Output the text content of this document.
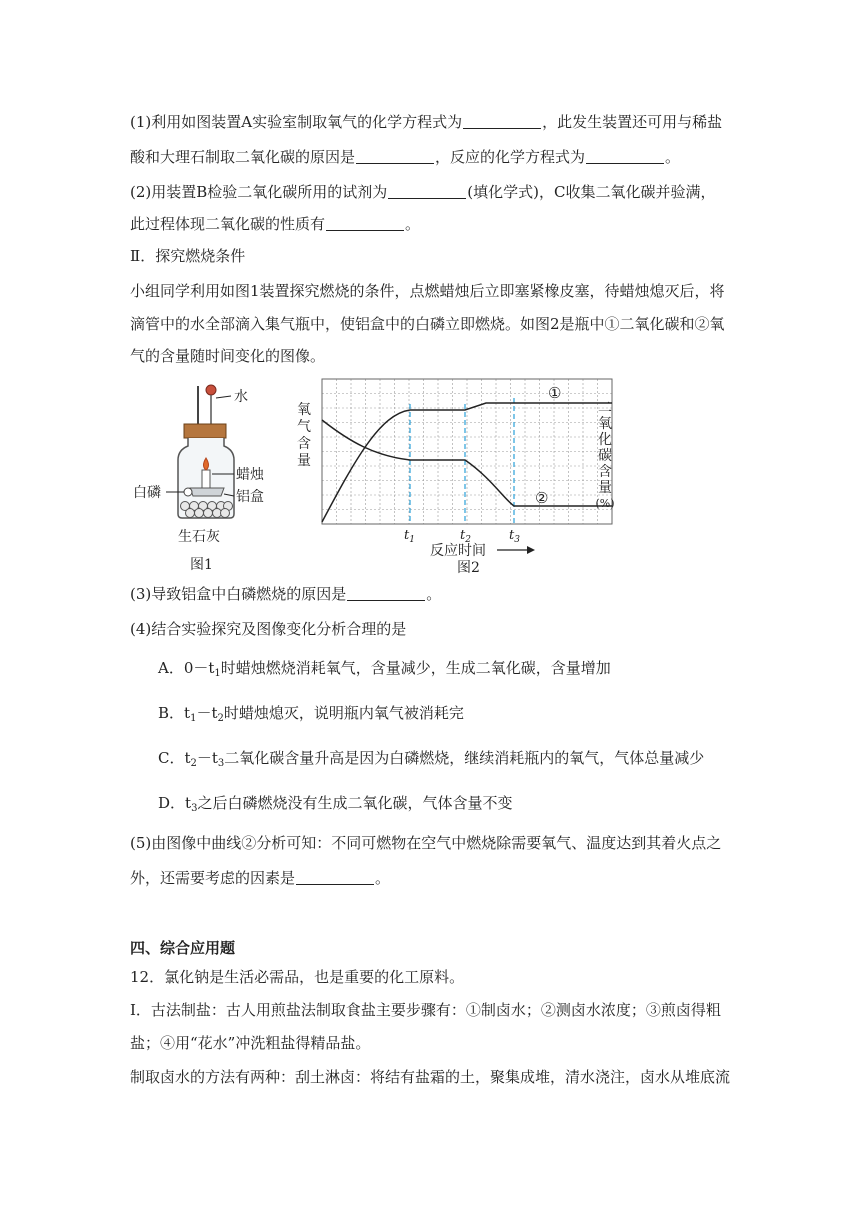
(1)利用如图装置A实验室制取氧气的化学方程式为	，此发生装置还可用与稀盐
酸和大理石制取二氧化碳的原因是	，反应的化学方程式为	。
(2)用装置B检验二氧化碳所用的试剂为	(填化学式)，C收集二氧化碳并验满，
此过程体现二氧化碳的性质有	。
Ⅱ．探究燃烧条件
小组同学利用如图1装置探究燃烧的条件，点燃蜡烛后立即塞紧橡皮塞，待蜡烛熄灭后，将
滴管中的水全部滴入集气瓶中，使铝盒中的白磷立即燃烧。如图2是瓶中①二氧化碳和②氧
气的含量随时间变化的图像。
水
蜡烛
铝盒
白磷
生石灰
图1
氧
气
含
量
①
②
$t_1$	$t_2$	$t_3$
反应时间
图2
二
氧
化
碳
含
量
(%)
(3)导致铝盒中白磷燃烧的原因是	。
(4)结合实验探究及图像变化分析合理的是
A．$0-t_1$时蜡烛燃烧消耗氧气，含量减少，生成二氧化碳，含量增加
B．$t_1-t_2$时蜡烛熄灭，说明瓶内氧气被消耗完
C．$t_2-t_3$二氧化碳含量升高是因为白磷燃烧，继续消耗瓶内的氧气，气体总量减少
D．$t_3$之后白磷燃烧没有生成二氧化碳，气体含量不变
(5)由图像中曲线②分析可知：不同可燃物在空气中燃烧除需要氧气、温度达到其着火点之
外，还需要考虑的因素是	。
四、综合应用题
12．氯化钠是生活必需品，也是重要的化工原料。
Ⅰ．古法制盐：古人用煎盐法制取食盐主要步骤有：①制卤水；②测卤水浓度；③煎卤得粗
盐；④用“花水”冲洗粗盐得精品盐。
制取卤水的方法有两种：刮土淋卤：将结有盐霜的土，聚集成堆，清水浇注，卤水从堆底流
